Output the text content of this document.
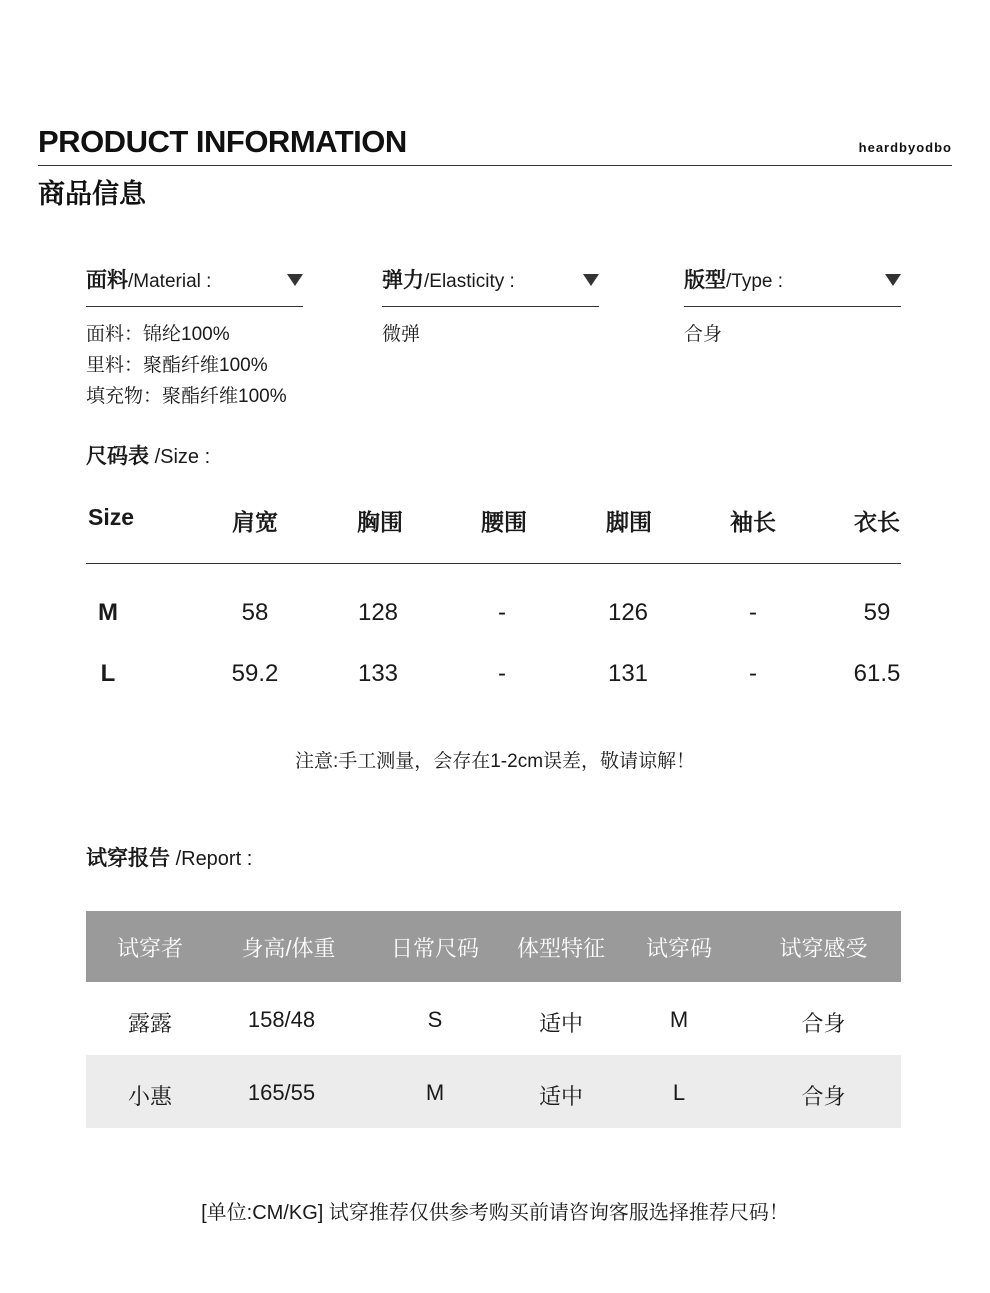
PRODUCT INFORMATION	heardbyodbo
商品信息
面料/Material :
面料：锦纶100%
里料：聚酯纤维100%
填充物：聚酯纤维100%
弹力/Elasticity :
微弹
版型/Type :
合身
尺码表 /Size :
Size	肩宽	胸围	腰围	脚围	袖长	衣长
M	58	128	-	126	-	59
L	59.2	133	-	131	-	61.5
注意:手工测量，会存在1-2cm误差，敬请谅解！
试穿报告 /Report :
试穿者	身高/体重	日常尺码	体型特征	试穿码	试穿感受
露露	158/48	S	适中	M	合身
小惠	165/55	M	适中	L	合身
[单位:CM/KG] 试穿推荐仅供参考购买前请咨询客服选择推荐尺码！
